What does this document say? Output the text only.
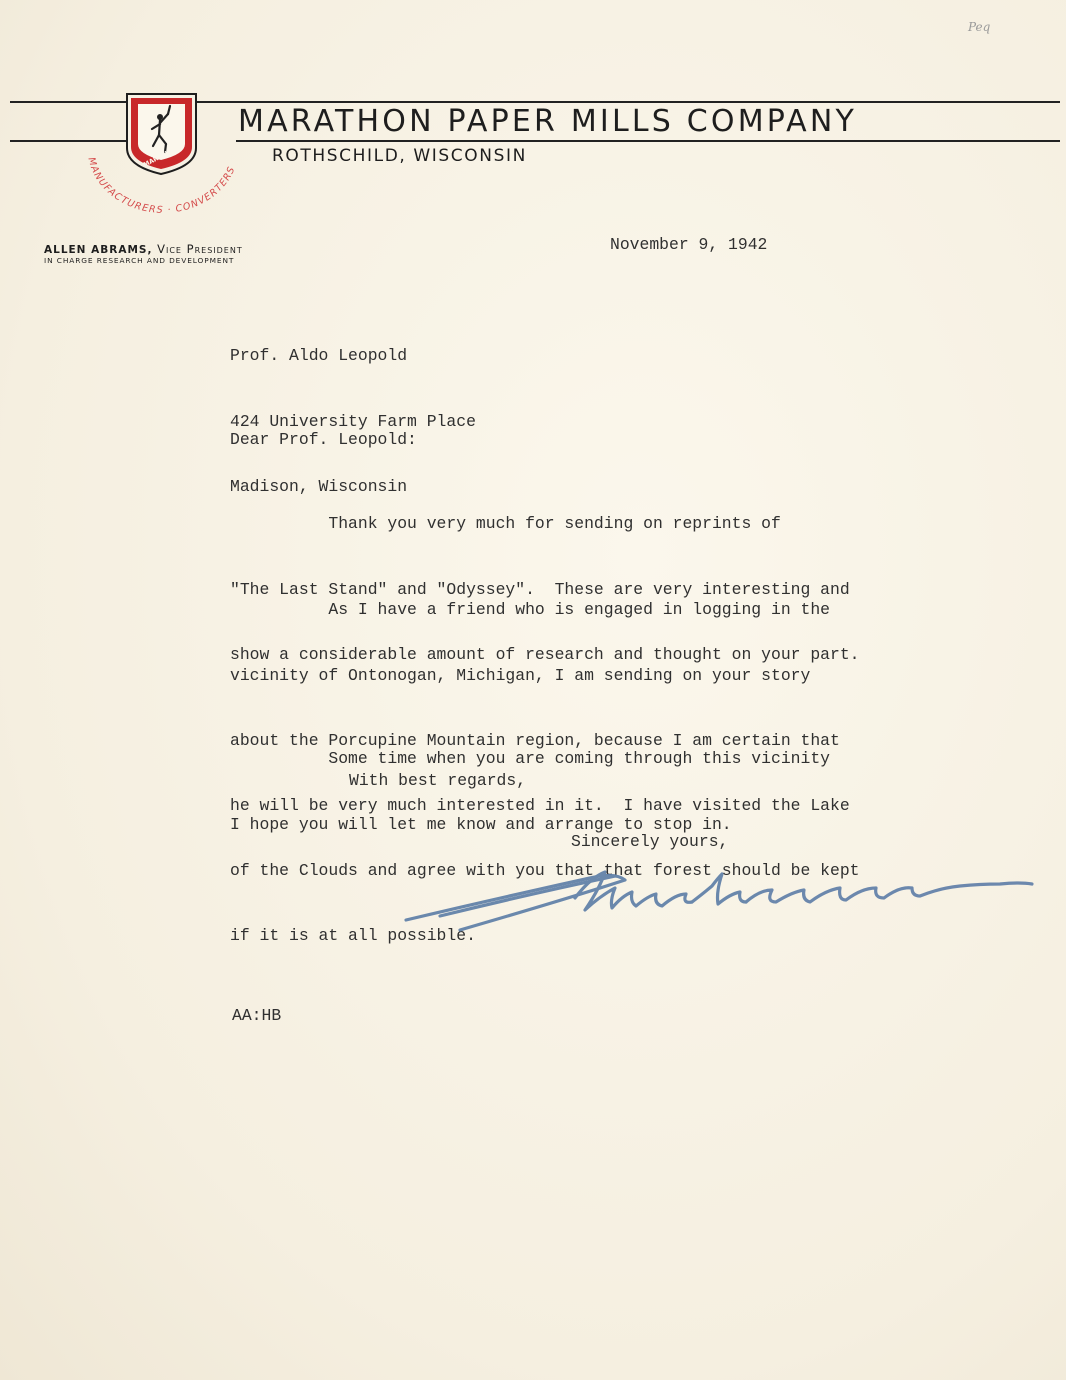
Peq
MANUFACTURERS · CONVERTERS
MARATHON
MARATHON PAPER MILLS COMPANY
ROTHSCHILD, WISCONSIN
ALLEN ABRAMS, Vice President
IN CHARGE RESEARCH AND DEVELOPMENT
November 9, 1942

Prof. Aldo Leopold

424 University Farm Place

Madison, Wisconsin

Dear Prof. Leopold:

Thank you very much for sending on reprints of

"The Last Stand" and "Odyssey".  These are very interesting and

show a considerable amount of research and thought on your part.

As I have a friend who is engaged in logging in the

vicinity of Ontonogan, Michigan, I am sending on your story

about the Porcupine Mountain region, because I am certain that

he will be very much interested in it.  I have visited the Lake

of the Clouds and agree with you that that forest should be kept

if it is at all possible.

Some time when you are coming through this vicinity

I hope you will let me know and arrange to stop in.

With best regards,
Sincerely yours,
AA:HB
